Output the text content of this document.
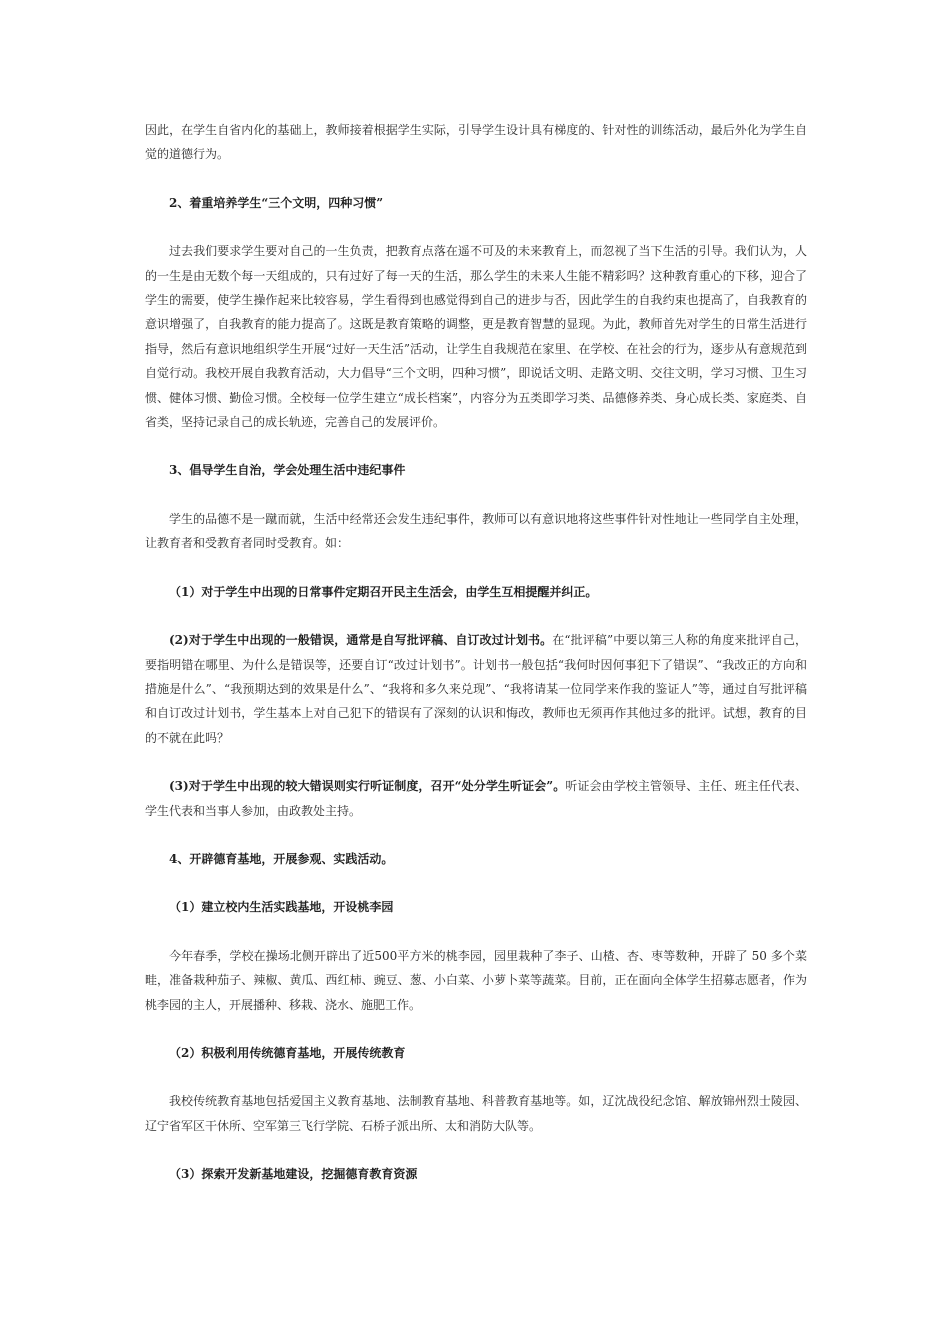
因此，在学生自省内化的基础上，教师接着根据学生实际，引导学生设计具有梯度的、针对性的训练活动，最后外化为学生自觉的道德行为。

2、着重培养学生“三个文明，四种习惯”

过去我们要求学生要对自己的一生负责，把教育点落在遥不可及的未来教育上，而忽视了当下生活的引导。我们认为，人的一生是由无数个每一天组成的，只有过好了每一天的生活，那么学生的未来人生能不精彩吗？这种教育重心的下移，迎合了学生的需要，使学生操作起来比较容易，学生看得到也感觉得到自己的进步与否，因此学生的自我约束也提高了，自我教育的意识增强了，自我教育的能力提高了。这既是教育策略的调整，更是教育智慧的显现。为此，教师首先对学生的日常生活进行指导，然后有意识地组织学生开展“过好一天生活”活动，让学生自我规范在家里、在学校、在社会的行为，逐步从有意规范到自觉行动。我校开展自我教育活动，大力倡导“三个文明，四种习惯”，即说话文明、走路文明、交往文明，学习习惯、卫生习惯、健体习惯、勤俭习惯。全校每一位学生建立“成长档案”，内容分为五类即学习类、品德修养类、身心成长类、家庭类、自省类，坚持记录自己的成长轨迹，完善自己的发展评价。

3、倡导学生自治，学会处理生活中违纪事件

学生的品德不是一蹴而就，生活中经常还会发生违纪事件，教师可以有意识地将这些事件针对性地让一些同学自主处理，让教育者和受教育者同时受教育。如：

（1）对于学生中出现的日常事件定期召开民主生活会，由学生互相提醒并纠正。

(2)对于学生中出现的一般错误，通常是自写批评稿、自订改过计划书。在“批评稿”中要以第三人称的角度来批评自己，要指明错在哪里、为什么是错误等，还要自订“改过计划书”。计划书一般包括“我何时因何事犯下了错误”、“我改正的方向和措施是什么”、“我预期达到的效果是什么”、“我将和多久来兑现”、“我将请某一位同学来作我的鉴证人”等，通过自写批评稿和自订改过计划书，学生基本上对自己犯下的错误有了深刻的认识和悔改，教师也无须再作其他过多的批评。试想，教育的目的不就在此吗？

(3)对于学生中出现的较大错误则实行听证制度，召开“处分学生听证会”。听证会由学校主管领导、主任、班主任代表、学生代表和当事人参加，由政教处主持。

4、开辟德育基地，开展参观、实践活动。

（1）建立校内生活实践基地，开设桃李园

今年春季，学校在操场北侧开辟出了近500平方米的桃李园，园里栽种了李子、山楂、杏、枣等数种，开辟了 50 多个菜畦，准备栽种茄子、辣椒、黄瓜、西红柿、豌豆、葱、小白菜、小萝卜菜等蔬菜。目前，正在面向全体学生招募志愿者，作为桃李园的主人，开展播种、移栽、浇水、施肥工作。

（2）积极利用传统德育基地，开展传统教育

我校传统教育基地包括爱国主义教育基地、法制教育基地、科普教育基地等。如，辽沈战役纪念馆、解放锦州烈士陵园、辽宁省军区干休所、空军第三飞行学院、石桥子派出所、太和消防大队等。

（3）探索开发新基地建设，挖掘德育教育资源
